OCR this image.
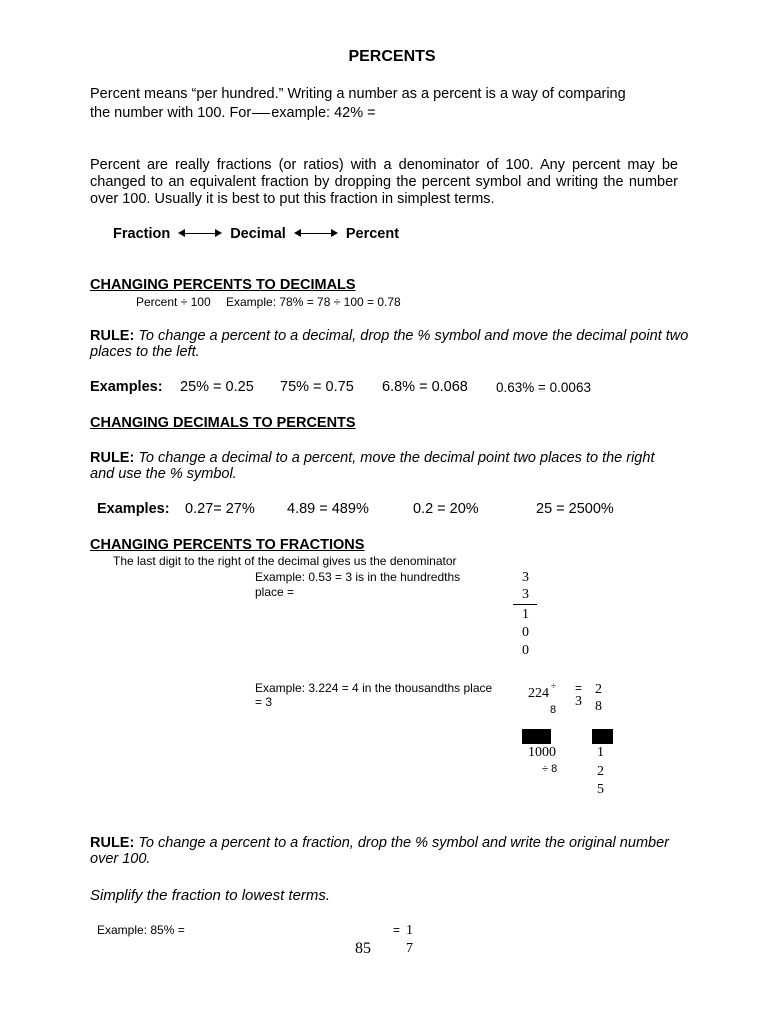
PERCENTS
Percent means “per hundred.” Writing a number as a percent is a way of comparing
the number with 100. For example: 42% =
Percent are really fractions (or ratios) with a denominator of 100. Any percent may be changed to an equivalent fraction by dropping the percent symbol and writing the number over 100. Usually it is best to put this fraction in simplest terms.
Fraction	Decimal	Percent
CHANGING PERCENTS TO DECIMALS
Percent ÷ 100 Example: 78% = 78 ÷ 100 = 0.78
RULE: To change a percent to a decimal, drop the % symbol and move the decimal point two
places to the left.
Examples: 25% = 0.25 75% = 0.75 6.8% = 0.068 0.63% = 0.0063
CHANGING DECIMALS TO PERCENTS
RULE: To change a decimal to a percent, move the decimal point two places to the right
and use the % symbol.
Examples: 0.27= 27% 4.89 = 489%	0.2 = 20%	25 = 2500%
CHANGING PERCENTS TO FRACTIONS
The last digit to the right of the decimal gives us the denominator
Example: 0.53 = 3 is in the hundredths
place =
3
3
1
0
0
Example: 3.224 = 4 in the thousandths place
= 3
224 ÷
8
=
3
2
8
1000
÷ 8
1
2
5
RULE: To change a percent to a fraction, drop the % symbol and write the original number
over 100.
Simplify the fraction to lowest terms.
Example: 85% =	= 1
85	7
